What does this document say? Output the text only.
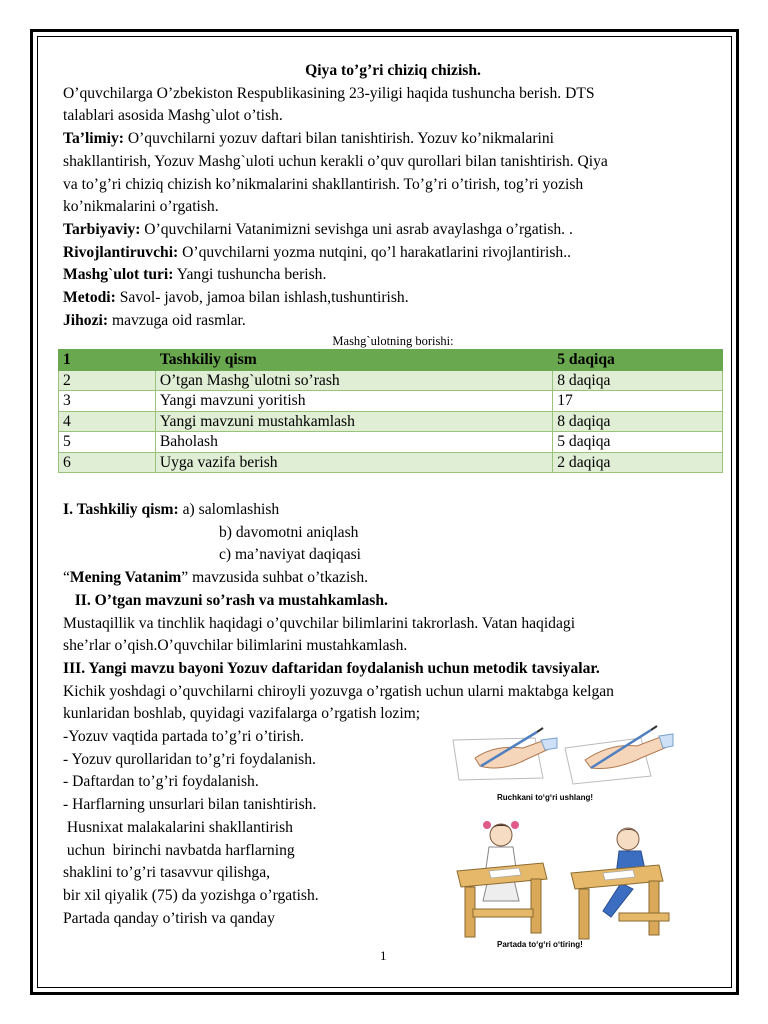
Qiya to’g’ri chiziq chizish.

O’quvchilarga O’zbekiston Respublikasining 23-yiligi haqida tushuncha berish. DTS

talablari asosida Mashg`ulot o’tish.

Ta’limiy: O’quvchilarni yozuv daftari bilan tanishtirish. Yozuv ko’nikmalarini

shakllantirish, Yozuv Mashg`uloti uchun kerakli o’quv qurollari bilan tanishtirish. Qiya

va to’g’ri chiziq chizish ko’nikmalarini shakllantirish. To’g’ri o’tirish, tog’ri yozish

ko’nikmalarini o’rgatish.

Tarbiyaviy: O’quvchilarni Vatanimizni sevishga uni asrab avaylashga o’rgatish. .

Rivojlantiruvchi: O’quvchilarni yozma nutqini, qo’l harakatlarini rivojlantirish..

Mashg`ulot turi: Yangi tushuncha berish.

Metodi: Savol- javob, jamoa bilan ishlash,tushuntirish.

Jihozi: mavzuga oid rasmlar.

Mashg`ulotning borishi:

1	Tashkiliy qism	5 daqiqa
2	O’tgan Mashg`ulotni so’rash	8 daqiqa
3	Yangi mavzuni yoritish	17
4	Yangi mavzuni mustahkamlash	8 daqiqa
5	Baholash	5 daqiqa
6	Uyga vazifa berish	2 daqiqa

I. Tashkiliy qism: a) salomlashish

b) davomotni aniqlash

c) ma’naviyat daqiqasi

“Mening Vatanim” mavzusida suhbat o’tkazish.

II. O’tgan mavzuni so’rash va mustahkamlash.

Mustaqillik va tinchlik haqidagi o’quvchilar bilimlarini takrorlash. Vatan haqidagi

she’rlar o’qish.O’quvchilar bilimlarini mustahkamlash.

III. Yangi mavzu bayoni Yozuv daftaridan foydalanish uchun metodik tavsiyalar.

Kichik yoshdagi o’quvchilarni chiroyli yozuvga o’rgatish uchun ularni maktabga kelgan

kunlaridan boshlab, quyidagi vazifalarga o’rgatish lozim;

-Yozuv vaqtida partada to’g’ri o’tirish.

- Yozuv qurollaridan to’g’ri foydalanish.

- Daftardan to’g’ri foydalanish.

- Harflarning unsurlari bilan tanishtirish.

Husnixat malakalarini shakllantirish

uchun  birinchi navbatda harflarning

shaklini to’g’ri tasavvur qilishga,

bir xil qiyalik (75) da yozishga o’rgatish.

Partada qanday o’tirish va qanday

Ruchkani to‘g‘ri ushlang!
Partada to‘g‘ri o‘tiring!
1
